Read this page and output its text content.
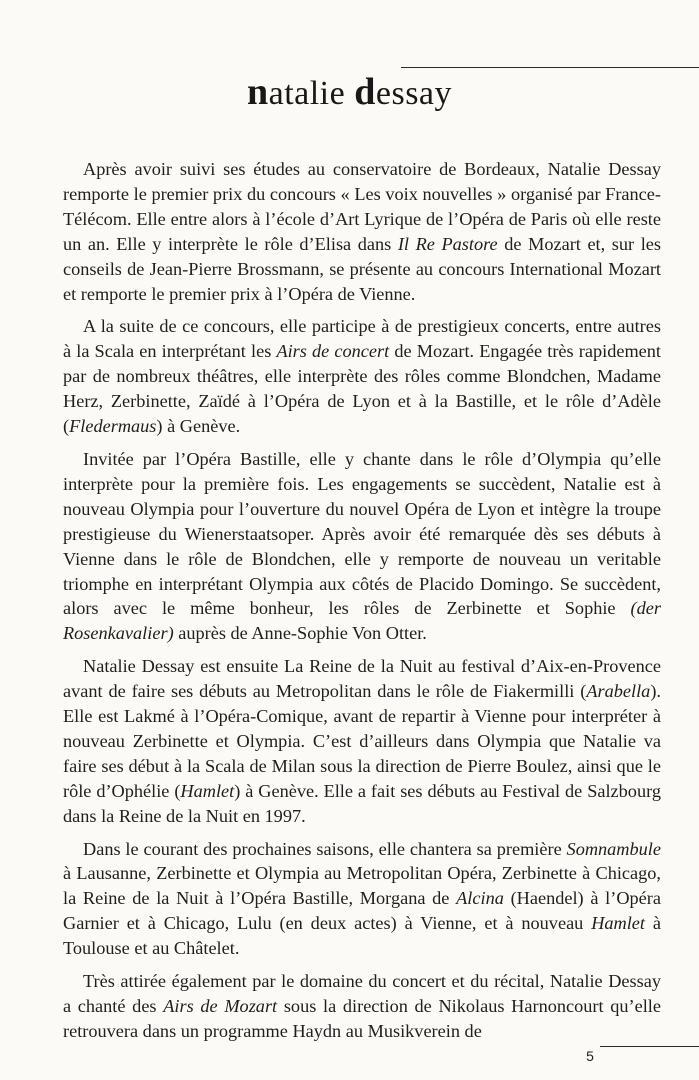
natalie dessay

Après avoir suivi ses études au conservatoire de Bordeaux, Natalie Dessay remporte le premier prix du concours « Les voix nouvelles » organisé par France-Télécom. Elle entre alors à l’école d’Art Lyrique de l’Opéra de Paris où elle reste un an. Elle y interprète le rôle d’Elisa dans Il Re Pastore de Mozart et, sur les conseils de Jean-Pierre Brossmann, se présente au concours International Mozart et remporte le premier prix à l’Opéra de Vienne.

A la suite de ce concours, elle participe à de prestigieux concerts, entre autres à la Scala en interprétant les Airs de concert de Mozart. Engagée très rapidement par de nombreux théâtres, elle interprète des rôles comme Blondchen, Madame Herz, Zerbinette, Zaïdé à l’Opéra de Lyon et à la Bastille, et le rôle d’Adèle (Fledermaus) à Genève.

Invitée par l’Opéra Bastille, elle y chante dans le rôle d’Olympia qu’elle interprète pour la première fois. Les engagements se succèdent, Natalie est à nouveau Olympia pour l’ouverture du nouvel Opéra de Lyon et intègre la troupe prestigieuse du Wienerstaatsoper. Après avoir été remarquée dès ses débuts à Vienne dans le rôle de Blondchen, elle y remporte de nouveau un veritable triomphe en interprétant Olympia aux côtés de Placido Domingo. Se succèdent, alors avec le même bonheur, les rôles de Zerbinette et Sophie (der Rosenkavalier) auprès de Anne-Sophie Von Otter.

Natalie Dessay est ensuite La Reine de la Nuit au festival d’Aix-en-Provence avant de faire ses débuts au Metropolitan dans le rôle de Fiakermilli (Arabella). Elle est Lakmé à l’Opéra-Comique, avant de repartir à Vienne pour interpréter à nouveau Zerbinette et Olympia. C’est d’ailleurs dans Olympia que Natalie va faire ses début à la Scala de Milan sous la direction de Pierre Boulez, ainsi que le rôle d’Ophélie (Hamlet) à Genève. Elle a fait ses débuts au Festival de Salzbourg dans la Reine de la Nuit en 1997.

Dans le courant des prochaines saisons, elle chantera sa première Somnambule à Lausanne, Zerbinette et Olympia au Metropolitan Opéra, Zerbinette à Chicago, la Reine de la Nuit à l’Opéra Bastille, Morgana de Alcina (Haendel) à l’Opéra Garnier et à Chicago, Lulu (en deux actes) à Vienne, et à nouveau Hamlet à Toulouse et au Châtelet.

Très attirée également par le domaine du concert et du récital, Natalie Dessay a chanté des Airs de Mozart sous la direction de Nikolaus Harnoncourt qu’elle retrouvera dans un programme Haydn au Musikverein de

5
